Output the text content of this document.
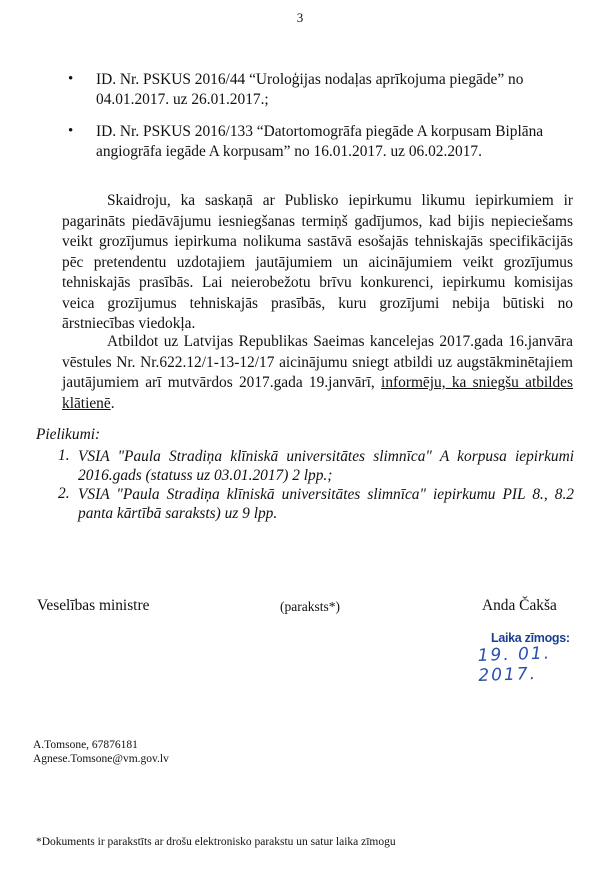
3
• ID. Nr. PSKUS 2016/44 “Uroloģijas nodaļas aprīkojuma piegāde” no 04.01.2017. uz 26.01.2017.;
• ID. Nr. PSKUS 2016/133 “Datortomogrāfa piegāde A korpusam Biplāna angiogrāfa iegāde A korpusam” no 16.01.2017. uz 06.02.2017.
Skaidroju, ka saskaņā ar Publisko iepirkumu likumu iepirkumiem ir pagarināts piedāvājumu iesniegšanas termiņš gadījumos, kad bijis nepieciešams veikt grozījumus iepirkuma nolikuma sastāvā esošajās tehniskajās specifikācijās pēc pretendentu uzdotajiem jautājumiem un aicinājumiem veikt grozījumus tehniskajās prasībās. Lai neierobežotu brīvu konkurenci, iepirkumu komisijas veica grozījumus tehniskajās prasībās, kuru grozījumi nebija būtiski no ārstniecības viedokļa.
Atbildot uz Latvijas Republikas Saeimas kancelejas 2017.gada 16.janvāra vēstules Nr. Nr.622.12/1-13-12/17 aicinājumu sniegt atbildi uz augstākminētajiem jautājumiem arī mutvārdos 2017.gada 19.janvārī, informēju, ka sniegšu atbildes klātienē.
Pielikumi:
1. VSIA "Paula Stradiņa klīniskā universitātes slimnīca" A korpusa iepirkumi 2016.gads (statuss uz 03.01.2017) 2 lpp.;
2. VSIA "Paula Stradiņa klīniskā universitātes slimnīca" iepirkumu PIL 8., 8.2 panta kārtībā saraksts) uz 9 lpp.
Veselības ministre	(paraksts*)	Anda Čakša
Laika zīmogs:
19. 01. 2017.
A.Tomsone, 67876181
Agnese.Tomsone@vm.gov.lv
*Dokuments ir parakstīts ar drošu elektronisko parakstu un satur laika zīmogu
